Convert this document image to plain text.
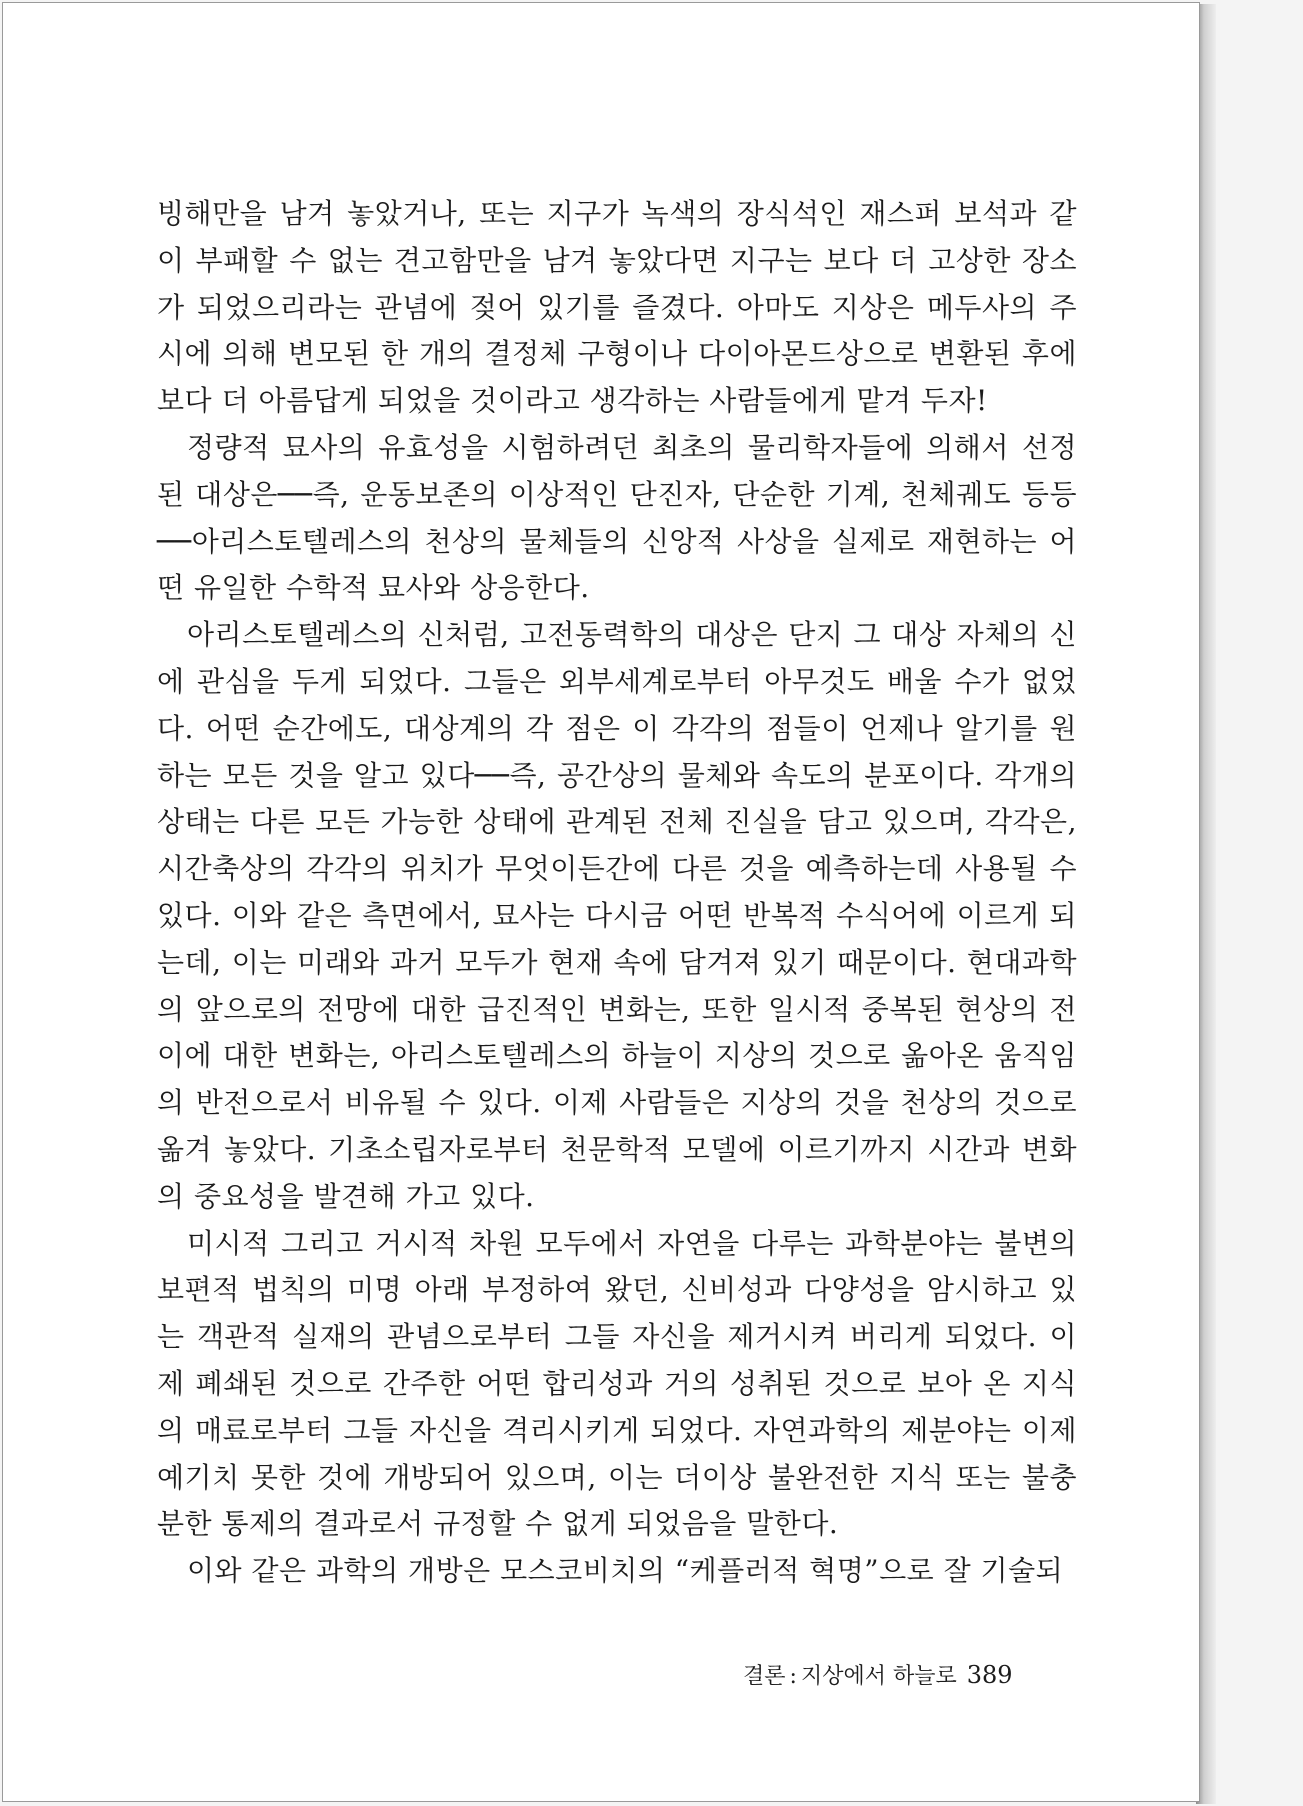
빙해만을 남겨 놓았거나, 또는 지구가 녹색의 장식석인 재스퍼 보석과 같이 부패할 수 없는 견고함만을 남겨 놓았다면 지구는 보다 더 고상한 장소가 되었으리라는 관념에 젖어 있기를 즐겼다. 아마도 지상은 메두사의 주시에 의해 변모된 한 개의 결정체 구형이나 다이아몬드상으로 변환된 후에 보다 더 아름답게 되었을 것이라고 생각하는 사람들에게 맡겨 두자!

정량적 묘사의 유효성을 시험하려던 최초의 물리학자들에 의해서 선정된 대상은──즉, 운동보존의 이상적인 단진자, 단순한 기계, 천체궤도 등등──아리스토텔레스의 천상의 물체들의 신앙적 사상을 실제로 재현하는 어떤 유일한 수학적 묘사와 상응한다.

아리스토텔레스의 신처럼, 고전동력학의 대상은 단지 그 대상 자체의 신에 관심을 두게 되었다. 그들은 외부세계로부터 아무것도 배울 수가 없었다. 어떤 순간에도, 대상계의 각 점은 이 각각의 점들이 언제나 알기를 원하는 모든 것을 알고 있다──즉, 공간상의 물체와 속도의 분포이다. 각개의 상태는 다른 모든 가능한 상태에 관계된 전체 진실을 담고 있으며, 각각은, 시간축상의 각각의 위치가 무엇이든간에 다른 것을 예측하는데 사용될 수 있다. 이와 같은 측면에서, 묘사는 다시금 어떤 반복적 수식어에 이르게 되는데, 이는 미래와 과거 모두가 현재 속에 담겨져 있기 때문이다. 현대과학의 앞으로의 전망에 대한 급진적인 변화는, 또한 일시적 중복된 현상의 전이에 대한 변화는, 아리스토텔레스의 하늘이 지상의 것으로 옮아온 움직임의 반전으로서 비유될 수 있다. 이제 사람들은 지상의 것을 천상의 것으로 옮겨 놓았다. 기초소립자로부터 천문학적 모델에 이르기까지 시간과 변화의 중요성을 발견해 가고 있다.

미시적 그리고 거시적 차원 모두에서 자연을 다루는 과학분야는 불변의 보편적 법칙의 미명 아래 부정하여 왔던, 신비성과 다양성을 암시하고 있는 객관적 실재의 관념으로부터 그들 자신을 제거시켜 버리게 되었다. 이제 폐쇄된 것으로 간주한 어떤 합리성과 거의 성취된 것으로 보아 온 지식의 매료로부터 그들 자신을 격리시키게 되었다. 자연과학의 제분야는 이제 예기치 못한 것에 개방되어 있으며, 이는 더이상 불완전한 지식 또는 불충분한 통제의 결과로서 규정할 수 없게 되었음을 말한다.

이와 같은 과학의 개방은 모스코비치의 “케플러적 혁명”으로 잘 기술되

결론 : 지상에서 하늘로 389
